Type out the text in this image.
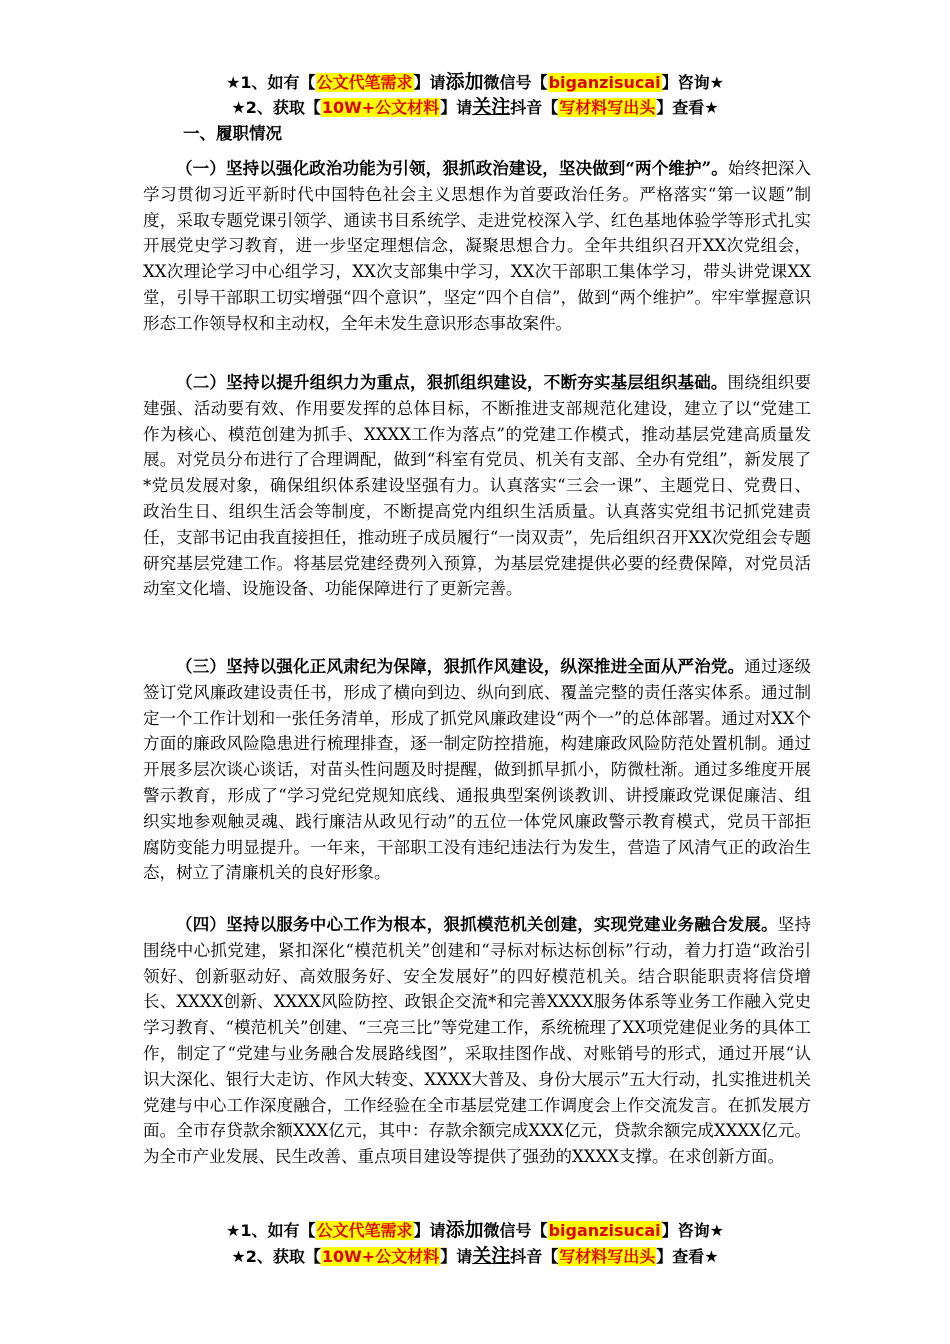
★1、如有【公文代笔需求】请添加微信号【biganzisucai】咨询★
★2、获取【10W+公文材料】请关注抖音【写材料写出头】查看★
一、履职情况

（一）坚持以强化政治功能为引领，狠抓政治建设，坚决做到“两个维护”。始终把深入学习贯彻习近平新时代中国特色社会主义思想作为首要政治任务。严格落实“第一议题”制度，采取专题党课引领学、通读书目系统学、走进党校深入学、红色基地体验学等形式扎实开展党史学习教育，进一步坚定理想信念，凝聚思想合力。全年共组织召开XX次党组会，XX次理论学习中心组学习，XX次支部集中学习，XX次干部职工集体学习，带头讲党课XX堂，引导干部职工切实增强“四个意识”，坚定“四个自信”，做到“两个维护”。牢牢掌握意识形态工作领导权和主动权，全年未发生意识形态事故案件。

（二）坚持以提升组织力为重点，狠抓组织建设，不断夯实基层组织基础。围绕组织要建强、活动要有效、作用要发挥的总体目标，不断推进支部规范化建设，建立了以“党建工作为核心、模范创建为抓手、XXXX工作为落点”的党建工作模式，推动基层党建高质量发展。对党员分布进行了合理调配，做到“科室有党员、机关有支部、全办有党组”，新发展了*党员发展对象，确保组织体系建设坚强有力。认真落实“三会一课”、主题党日、党费日、政治生日、组织生活会等制度，不断提高党内组织生活质量。认真落实党组书记抓党建责任，支部书记由我直接担任，推动班子成员履行“一岗双责”，先后组织召开XX次党组会专题研究基层党建工作。将基层党建经费列入预算，为基层党建提供必要的经费保障，对党员活动室文化墙、设施设备、功能保障进行了更新完善。

（三）坚持以强化正风肃纪为保障，狠抓作风建设，纵深推进全面从严治党。通过逐级签订党风廉政建设责任书，形成了横向到边、纵向到底、覆盖完整的责任落实体系。通过制定一个工作计划和一张任务清单，形成了抓党风廉政建设“两个一”的总体部署。通过对XX个方面的廉政风险隐患进行梳理排查，逐一制定防控措施，构建廉政风险防范处置机制。通过开展多层次谈心谈话，对苗头性问题及时提醒，做到抓早抓小，防微杜渐。通过多维度开展警示教育，形成了“学习党纪党规知底线、通报典型案例谈教训、讲授廉政党课促廉洁、组织实地参观触灵魂、践行廉洁从政见行动”的五位一体党风廉政警示教育模式，党员干部拒腐防变能力明显提升。一年来，干部职工没有违纪违法行为发生，营造了风清气正的政治生态，树立了清廉机关的良好形象。

（四）坚持以服务中心工作为根本，狠抓模范机关创建，实现党建业务融合发展。坚持围绕中心抓党建，紧扣深化“模范机关”创建和“寻标对标达标创标”行动，着力打造“政治引领好、创新驱动好、高效服务好、安全发展好”的四好模范机关。结合职能职责将信贷增长、XXXX创新、XXXX风险防控、政银企交流*和完善XXXX服务体系等业务工作融入党史学习教育、“模范机关”创建、“三亮三比”等党建工作，系统梳理了XX项党建促业务的具体工作，制定了“党建与业务融合发展路线图”，采取挂图作战、对账销号的形式，通过开展“认识大深化、银行大走访、作风大转变、XXXX大普及、身份大展示”五大行动，扎实推进机关党建与中心工作深度融合，工作经验在全市基层党建工作调度会上作交流发言。在抓发展方面。全市存贷款余额XXX亿元，其中：存款余额完成XXX亿元，贷款余额完成XXXX亿元。为全市产业发展、民生改善、重点项目建设等提供了强劲的XXXX支撑。在求创新方面。

★1、如有【公文代笔需求】请添加微信号【biganzisucai】咨询★
★2、获取【10W+公文材料】请关注抖音【写材料写出头】查看★
